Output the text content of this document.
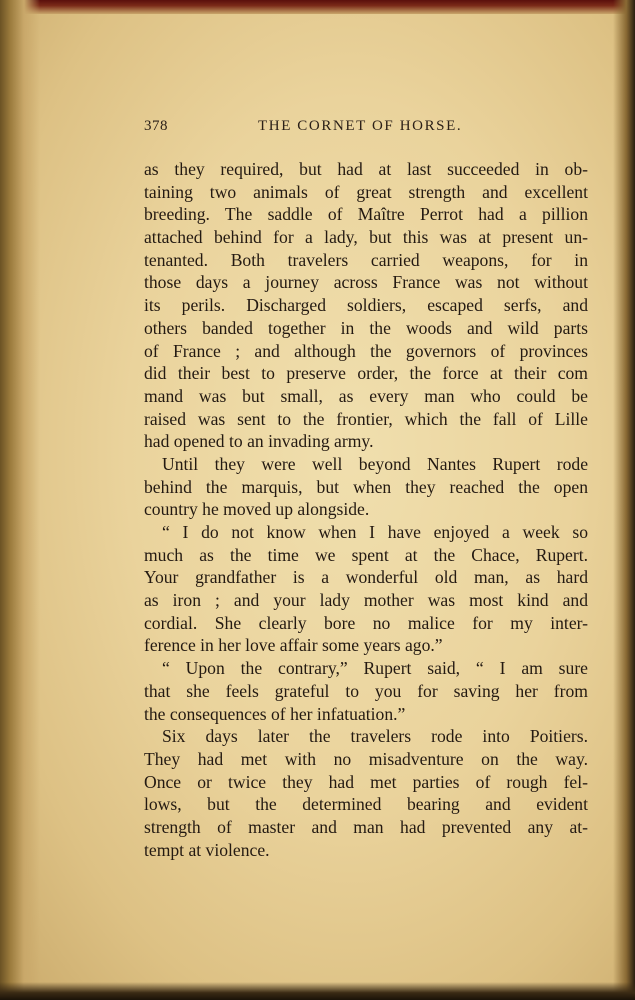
378	THE CORNET OF HORSE.
as they required, but had at last succeeded in ob-
taining two animals of great strength and excellent
breeding. The saddle of Maître Perrot had a pillion
attached behind for a lady, but this was at present un-
tenanted. Both travelers carried weapons, for in
those days a journey across France was not without
its perils. Discharged soldiers, escaped serfs, and
others banded together in the woods and wild parts
of France ; and although the governors of provinces
did their best to preserve order, the force at their com
mand was but small, as every man who could be
raised was sent to the frontier, which the fall of Lille
had opened to an invading army.
Until they were well beyond Nantes Rupert rode
behind the marquis, but when they reached the open
country he moved up alongside.
“ I do not know when I have enjoyed a week so
much as the time we spent at the Chace, Rupert.
Your grandfather is a wonderful old man, as hard
as iron ; and your lady mother was most kind and
cordial. She clearly bore no malice for my inter-
ference in her love affair some years ago.”
“ Upon the contrary,” Rupert said, “ I am sure
that she feels grateful to you for saving her from
the consequences of her infatuation.”
Six days later the travelers rode into Poitiers.
They had met with no misadventure on the way.
Once or twice they had met parties of rough fel-
lows, but the determined bearing and evident
strength of master and man had prevented any at-
tempt at violence.
